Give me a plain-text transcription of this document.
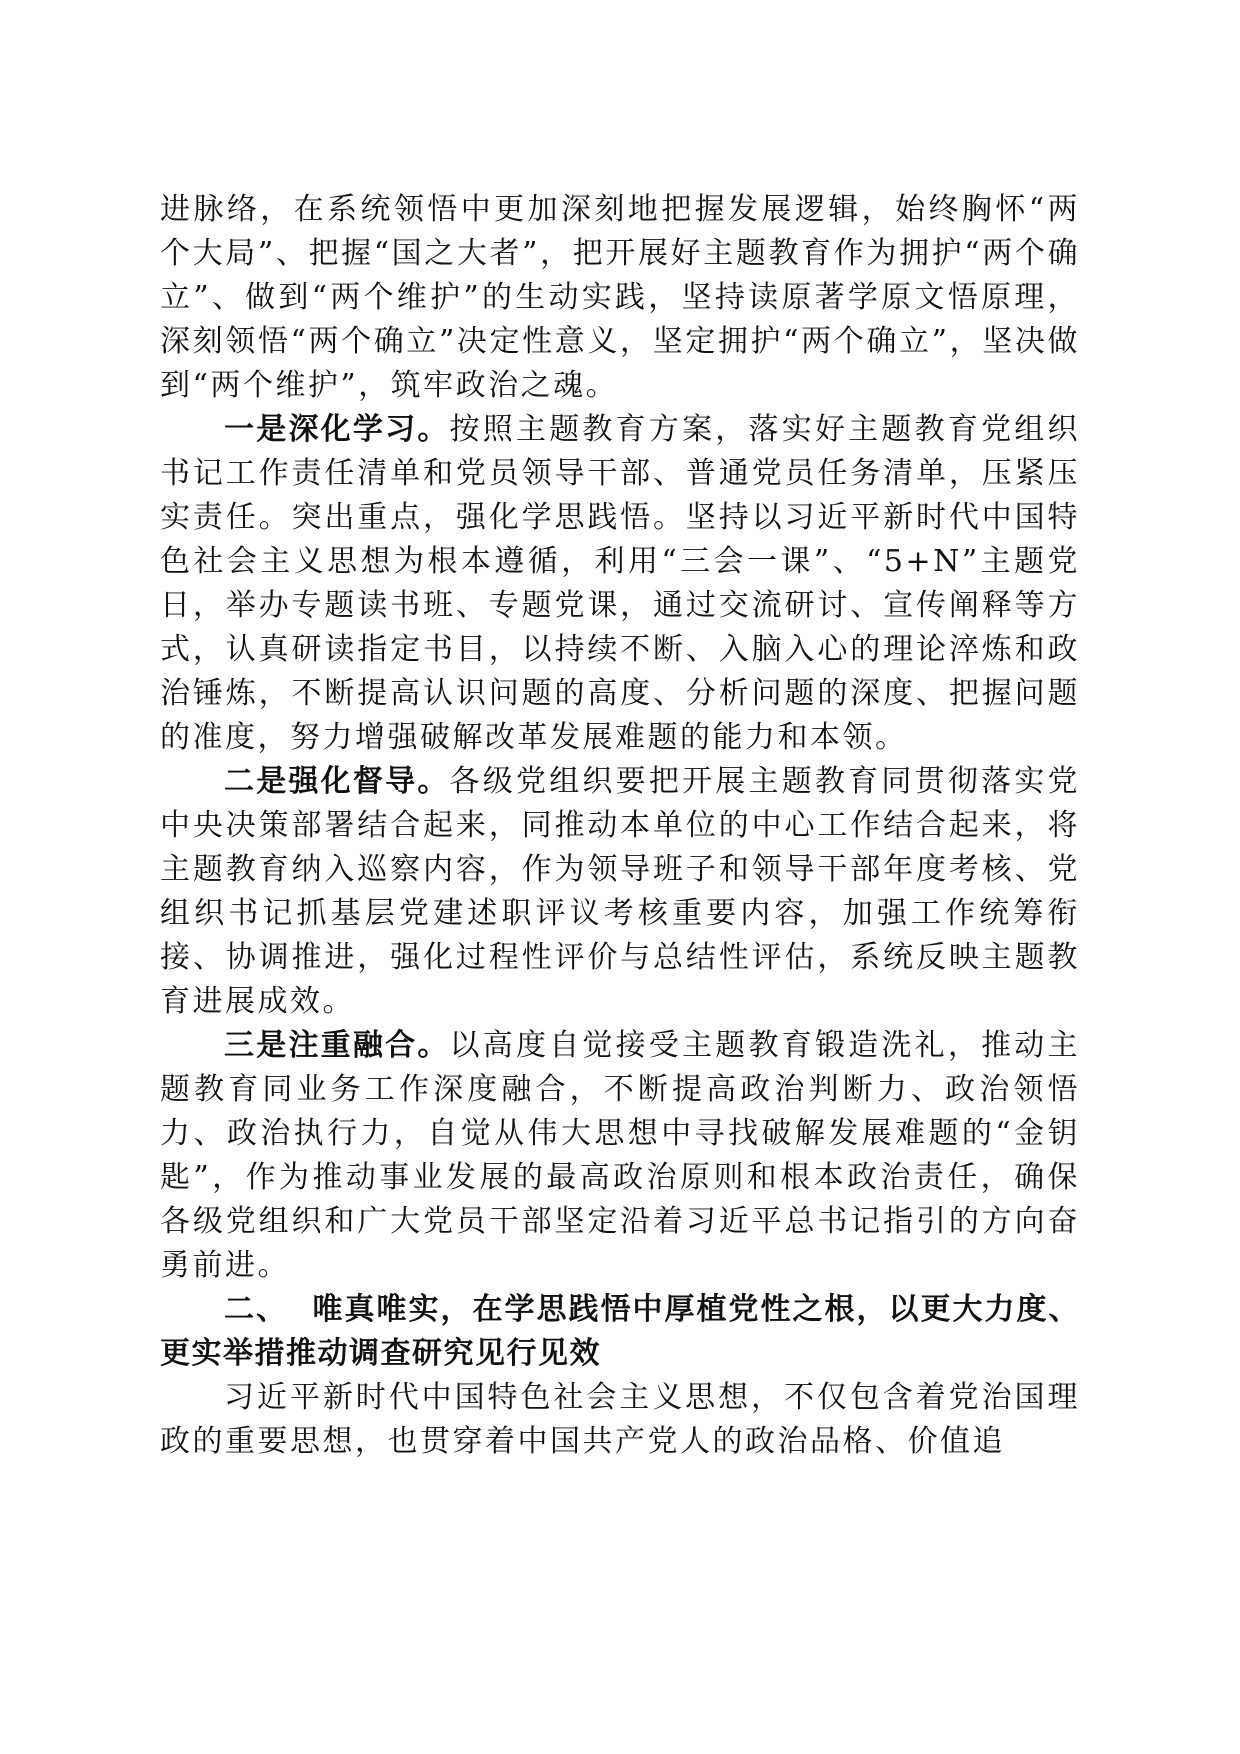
进脉络，在系统领悟中更加深刻地把握发展逻辑，始终胸怀“两个大局”、把握“国之大者”，把开展好主题教育作为拥护“两个确立”、做到“两个维护”的生动实践，坚持读原著学原文悟原理，深刻领悟“两个确立”决定性意义，坚定拥护“两个确立”，坚决做到“两个维护”，筑牢政治之魂。

一是深化学习。按照主题教育方案，落实好主题教育党组织书记工作责任清单和党员领导干部、普通党员任务清单，压紧压实责任。突出重点，强化学思践悟。坚持以习近平新时代中国特色社会主义思想为根本遵循，利用“三会一课”、“5+N”主题党日，举办专题读书班、专题党课，通过交流研讨、宣传阐释等方式，认真研读指定书目，以持续不断、入脑入心的理论淬炼和政治锤炼，不断提高认识问题的高度、分析问题的深度、把握问题的准度，努力增强破解改革发展难题的能力和本领。

二是强化督导。各级党组织要把开展主题教育同贯彻落实党中央决策部署结合起来，同推动本单位的中心工作结合起来，将主题教育纳入巡察内容，作为领导班子和领导干部年度考核、党组织书记抓基层党建述职评议考核重要内容，加强工作统筹衔接、协调推进，强化过程性评价与总结性评估，系统反映主题教育进展成效。

三是注重融合。以高度自觉接受主题教育锻造洗礼，推动主题教育同业务工作深度融合，不断提高政治判断力、政治领悟力、政治执行力，自觉从伟大思想中寻找破解发展难题的“金钥匙”，作为推动事业发展的最高政治原则和根本政治责任，确保各级党组织和广大党员干部坚定沿着习近平总书记指引的方向奋勇前进。

二、 唯真唯实，在学思践悟中厚植党性之根，以更大力度、更实举措推动调查研究见行见效

习近平新时代中国特色社会主义思想，不仅包含着党治国理政的重要思想，也贯穿着中国共产党人的政治品格、价值追
